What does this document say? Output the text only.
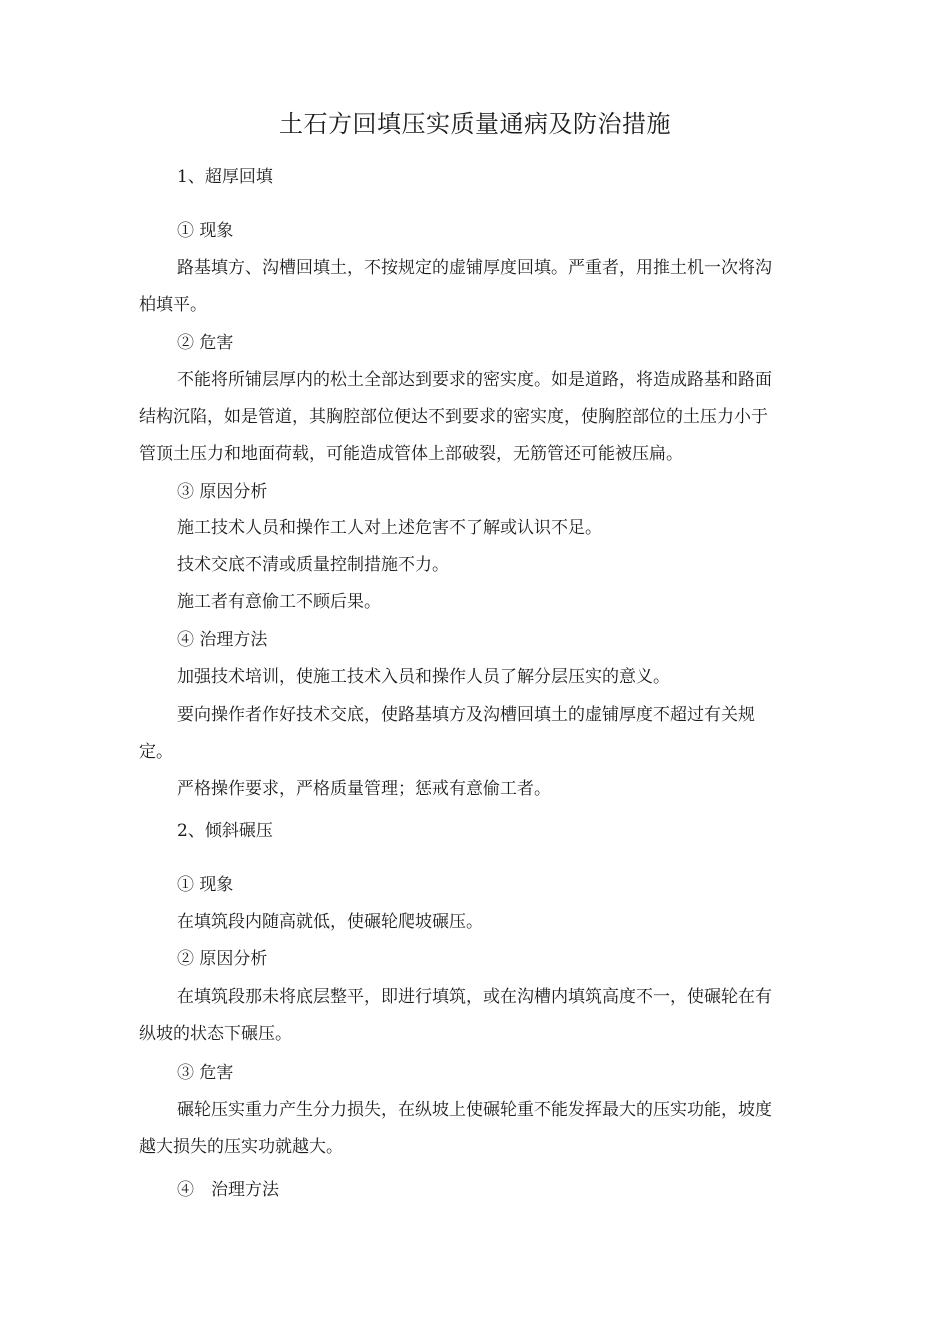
土石方回填压实质量通病及防治措施
1、超厚回填
① 现象
路基填方、沟槽回填土，不按规定的虚铺厚度回填。严重者，用推土机一次将沟
柏填平。
② 危害
不能将所铺层厚内的松土全部达到要求的密实度。如是道路，将造成路基和路面
结构沉陷，如是管道，其胸腔部位便达不到要求的密实度，使胸腔部位的土压力小于
管顶土压力和地面荷载，可能造成管体上部破裂，无筋管还可能被压扁。
③ 原因分析
施工技术人员和操作工人对上述危害不了解或认识不足。
技术交底不清或质量控制措施不力。
施工者有意偷工不顾后果。
④ 治理方法
加强技术培训，使施工技术入员和操作人员了解分层压实的意义。
要向操作者作好技术交底，使路基填方及沟槽回填土的虚铺厚度不超过有关规
定。
严格操作要求，严格质量管理；惩戒有意偷工者。
2、倾斜碾压
① 现象
在填筑段内随高就低，使碾轮爬坡碾压。
② 原因分析
在填筑段那未将底层整平，即进行填筑，或在沟槽内填筑高度不一，使碾轮在有
纵坡的状态下碾压。
③ 危害
碾轮压实重力产生分力损失，在纵坡上使碾轮重不能发挥最大的压实功能，坡度
越大损失的压实功就越大。
④　治理方法
